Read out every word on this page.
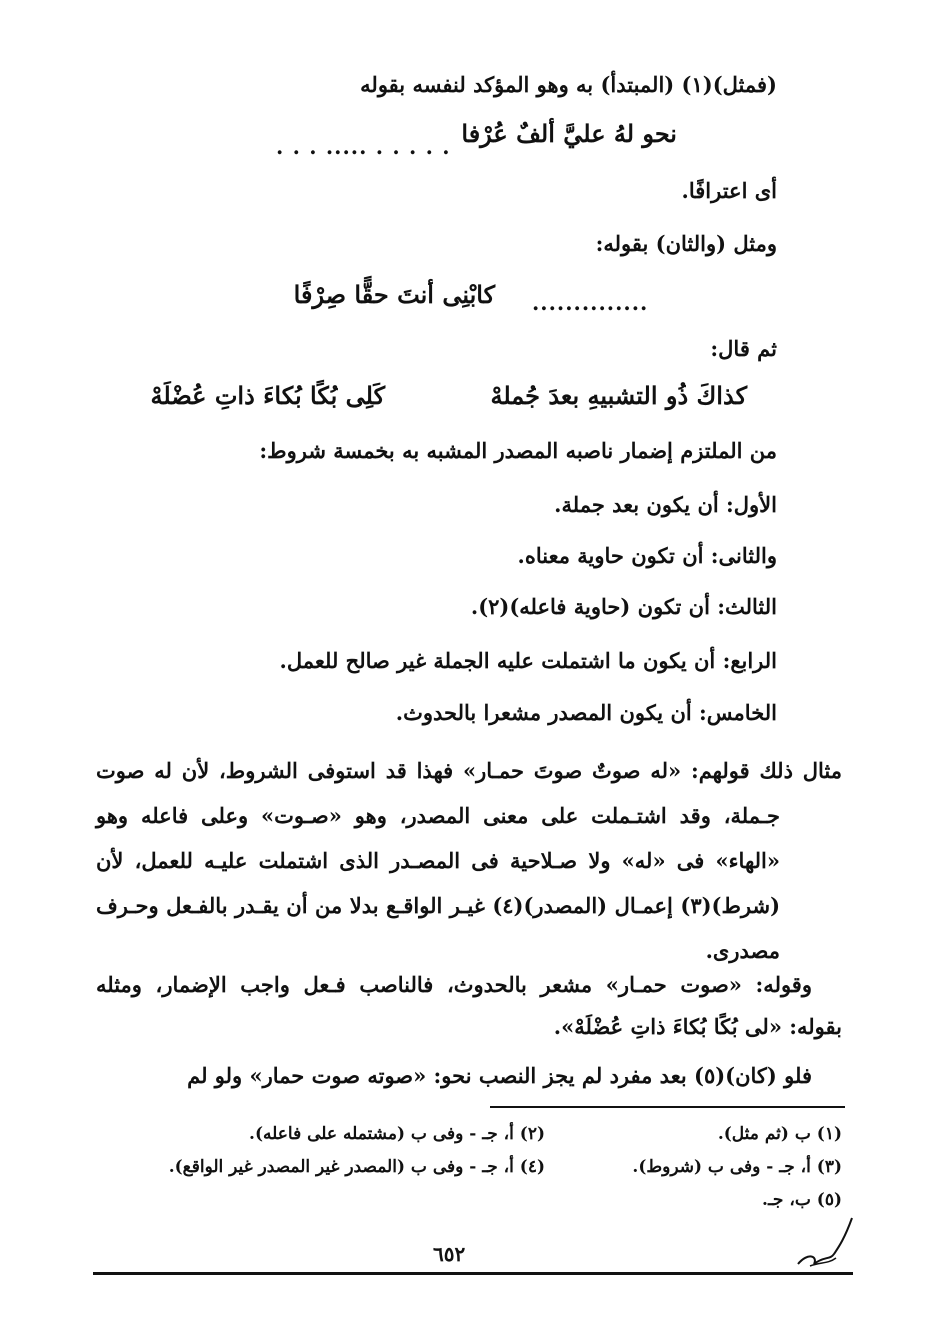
(فمثل)(١) (المبتدأ) به وهو المؤكد لنفسه بقوله
نحو لهُ عليَّ ألفٌ عُرْفا
. . . ..... . . . . .
أى اعترافًا.
ومثل (والثان) بقوله:
كابْنِى أنتَ حقًّا صِرْفًا ..............
ثم قال:
كذاكَ ذُو التشبيهِ بعدَ جُملهْ
كَلِى بُكًا بُكاءَ ذاتِ عُضْلَهْ
من الملتزم إضمار ناصبه المصدر المشبه به بخمسة شروط:
الأول: أن يكون بعد جملة.
والثانى: أن تكون حاوية معناه.
الثالث: أن تكون (حاوية فاعله)(٢).
الرابع: أن يكون ما اشتملت عليه الجملة غير صالح للعمل.
الخامس: أن يكون المصدر مشعرا بالحدوث.
مثال ذلك قولهم: «له صوتٌ صوتَ حمـار» فهذا قد استوفى الشروط، لأن له صوت جـملة، وقد اشتـملت على معنى المصدر، وهو «صـوت» وعلى فاعله وهو «الهاء» فى «له» ولا صـلاحية فى المصـدر الذى اشتملت عليـه للعمل، لأن (شرط)(٣) إعمـال (المصدر)(٤) غيـر الواقـع بدلا من أن يقـدر بالفـعل وحـرف مصدرى.
وقوله: «صوت حمـار» مشعر بالحدوث، فالناصب فـعل واجب الإضمار، ومثله بقوله: «لى بُكًا بُكاءَ ذاتِ عُضْلَهْ».
فلو (كان)(٥) بعد مفرد لم يجز النصب نحو: «صوته صوت حمار» ولو لم
(١) ب (ثم مثل).
(٢) أ، جـ - وفى ب (مشتمله على فاعله).
(٣) أ، جـ - وفى ب (شروط).
(٤) أ، جـ - وفى ب (المصدر غير المصدر غير الواقع).
(٥) ب، جـ.
٦٥٢
